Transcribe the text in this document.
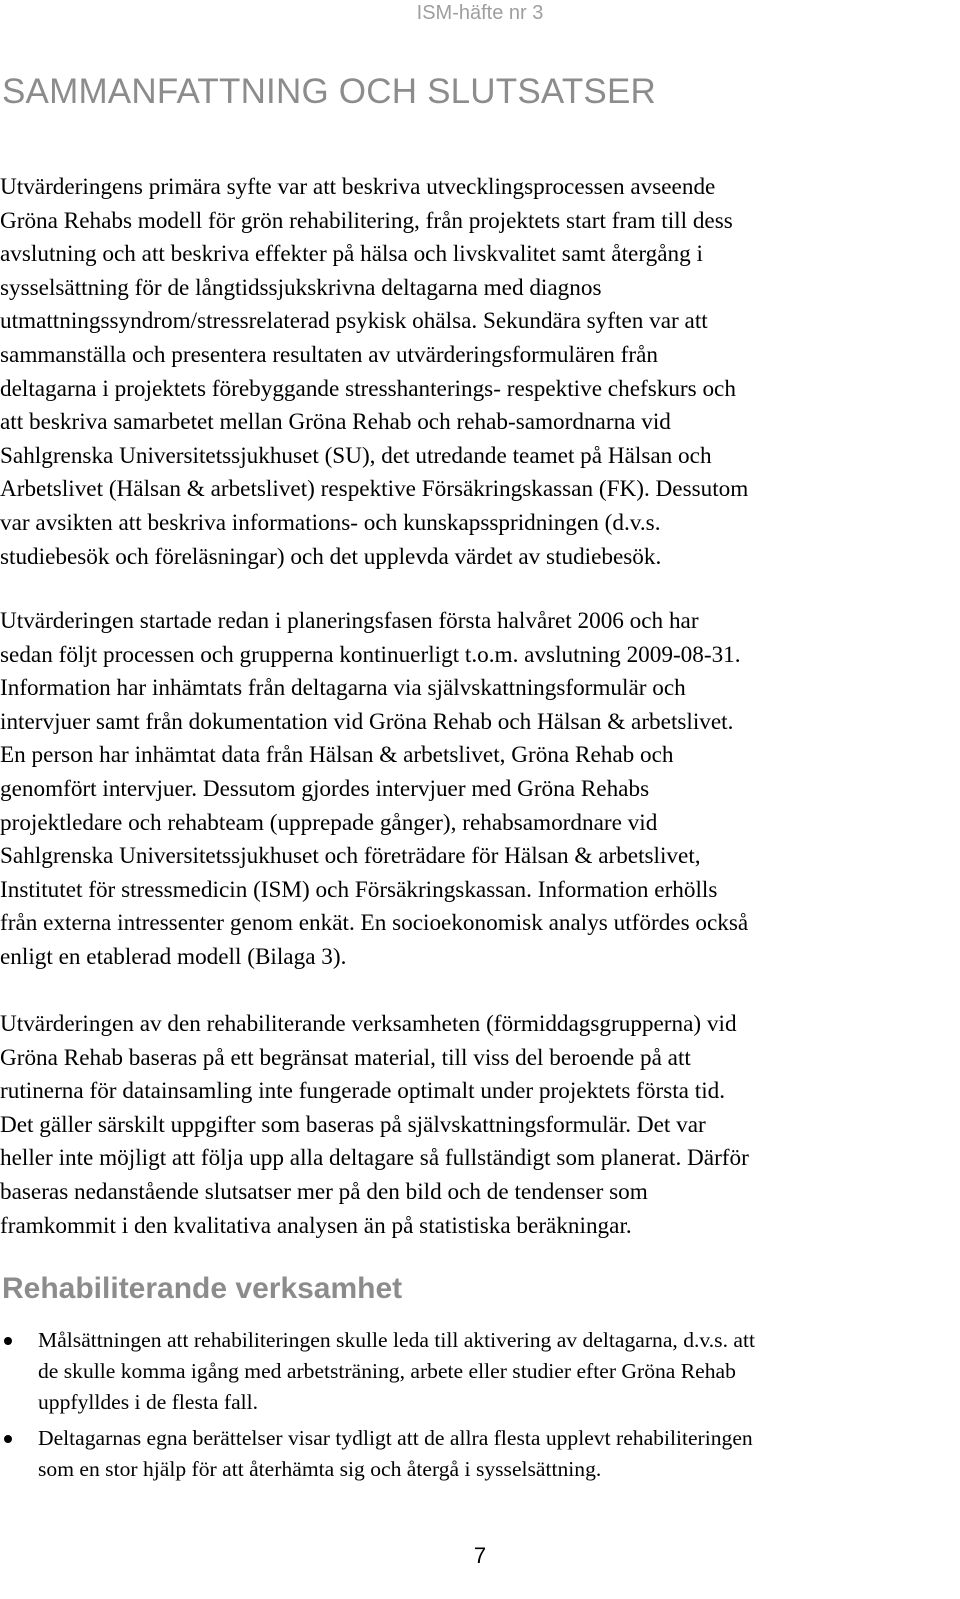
ISM-häfte nr 3
SAMMANFATTNING OCH SLUTSATSER

Utvärderingens primära syfte var att beskriva utvecklingsprocessen avseende
Gröna Rehabs modell för grön rehabilitering, från projektets start fram till dess
avslutning och att beskriva effekter på hälsa och livskvalitet samt återgång i
sysselsättning för de långtidssjukskrivna deltagarna med diagnos
utmattningssyndrom/stressrelaterad psykisk ohälsa. Sekundära syften var att
sammanställa och presentera resultaten av utvärderingsformulären från
deltagarna i projektets förebyggande stresshanterings- respektive chefskurs och
att beskriva samarbetet mellan Gröna Rehab och rehab-samordnarna vid
Sahlgrenska Universitetssjukhuset (SU), det utredande teamet på Hälsan och
Arbetslivet (Hälsan & arbetslivet) respektive Försäkringskassan (FK). Dessutom
var avsikten att beskriva informations- och kunskapsspridningen (d.v.s.
studiebesök och föreläsningar) och det upplevda värdet av studiebesök.

Utvärderingen startade redan i planeringsfasen första halvåret 2006 och har
sedan följt processen och grupperna kontinuerligt t.o.m. avslutning 2009-08-31.
Information har inhämtats från deltagarna via självskattningsformulär och
intervjuer samt från dokumentation vid Gröna Rehab och Hälsan & arbetslivet.
En person har inhämtat data från Hälsan & arbetslivet, Gröna Rehab och
genomfört intervjuer. Dessutom gjordes intervjuer med Gröna Rehabs
projektledare och rehabteam (upprepade gånger), rehabsamordnare vid
Sahlgrenska Universitetssjukhuset och företrädare för Hälsan & arbetslivet,
Institutet för stressmedicin (ISM) och Försäkringskassan. Information erhölls
från externa intressenter genom enkät. En socioekonomisk analys utfördes också
enligt en etablerad modell (Bilaga 3).

Utvärderingen av den rehabiliterande verksamheten (förmiddagsgrupperna) vid
Gröna Rehab baseras på ett begränsat material, till viss del beroende på att
rutinerna för datainsamling inte fungerade optimalt under projektets första tid.
Det gäller särskilt uppgifter som baseras på självskattningsformulär. Det var
heller inte möjligt att följa upp alla deltagare så fullständigt som planerat. Därför
baseras nedanstående slutsatser mer på den bild och de tendenser som
framkommit i den kvalitativa analysen än på statistiska beräkningar.

Rehabiliterande verksamhet
Målsättningen att rehabiliteringen skulle leda till aktivering av deltagarna, d.v.s. att
de skulle komma igång med arbetsträning, arbete eller studier efter Gröna Rehab
uppfylldes i de flesta fall.
Deltagarnas egna berättelser visar tydligt att de allra flesta upplevt rehabiliteringen
som en stor hjälp för att återhämta sig och återgå i sysselsättning.
7
